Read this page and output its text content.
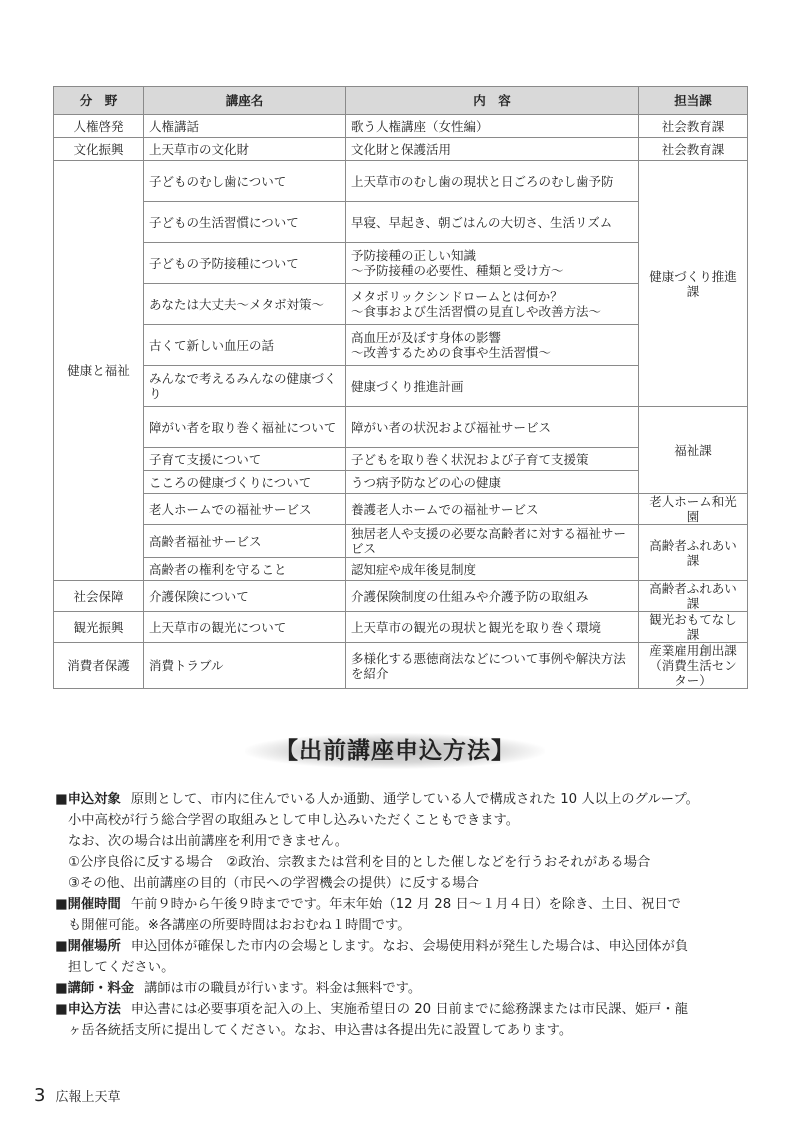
分　野	講座名	内　容	担当課
人権啓発	人権講話	歌う人権講座（女性編）	社会教育課
文化振興	上天草市の文化財	文化財と保護活用	社会教育課
健康と福祉	子どものむし歯について	上天草市のむし歯の現状と日ごろのむし歯予防	健康づくり推進課
	子どもの生活習慣について	早寝、早起き、朝ごはんの大切さ、生活リズム	
	子どもの予防接種について	予防接種の正しい知識
～予防接種の必要性、種類と受け方～	
	あなたは大丈夫～メタボ対策～	メタボリックシンドロームとは何か？
～食事および生活習慣の見直しや改善方法～	
	古くて新しい血圧の話	高血圧が及ぼす身体の影響
～改善するための食事や生活習慣～	
	みんなで考えるみんなの健康づくり	健康づくり推進計画	
	障がい者を取り巻く福祉について	障がい者の状況および福祉サービス	福祉課
	子育て支援について	子どもを取り巻く状況および子育て支援策	
	こころの健康づくりについて	うつ病予防などの心の健康	
	老人ホームでの福祉サービス	養護老人ホームでの福祉サービス	老人ホーム和光園
	高齢者福祉サービス	独居老人や支援の必要な高齢者に対する福祉サービス	高齢者ふれあい課
	高齢者の権利を守ること	認知症や成年後見制度	
社会保障	介護保険について	介護保険制度の仕組みや介護予防の取組み	高齢者ふれあい課
観光振興	上天草市の観光について	上天草市の観光の現状と観光を取り巻く環境	観光おもてなし課
消費者保護	消費トラブル	多様化する悪徳商法などについて事例や解決方法を紹介	産業雇用創出課
（消費生活センター）
【出前講座申込方法】
■申込対象 原則として、市内に住んでいる人か通勤、通学している人で構成された 10 人以上のグループ。
小中高校が行う総合学習の取組みとして申し込みいただくこともできます。
なお、次の場合は出前講座を利用できません。
①公序良俗に反する場合　②政治、宗教または営利を目的とした催しなどを行うおそれがある場合
③その他、出前講座の目的（市民への学習機会の提供）に反する場合
■開催時間 午前９時から午後９時までです。年末年始（12 月 28 日～１月４日）を除き、土日、祝日で
も開催可能。※各講座の所要時間はおおむね１時間です。
■開催場所 申込団体が確保した市内の会場とします。なお、会場使用料が発生した場合は、申込団体が負
担してください。
■講師・料金 講師は市の職員が行います。料金は無料です。
■申込方法 申込書には必要事項を記入の上、実施希望日の 20 日前までに総務課または市民課、姫戸・龍
ヶ岳各統括支所に提出してください。なお、申込書は各提出先に設置してあります。
3 広報上天草
